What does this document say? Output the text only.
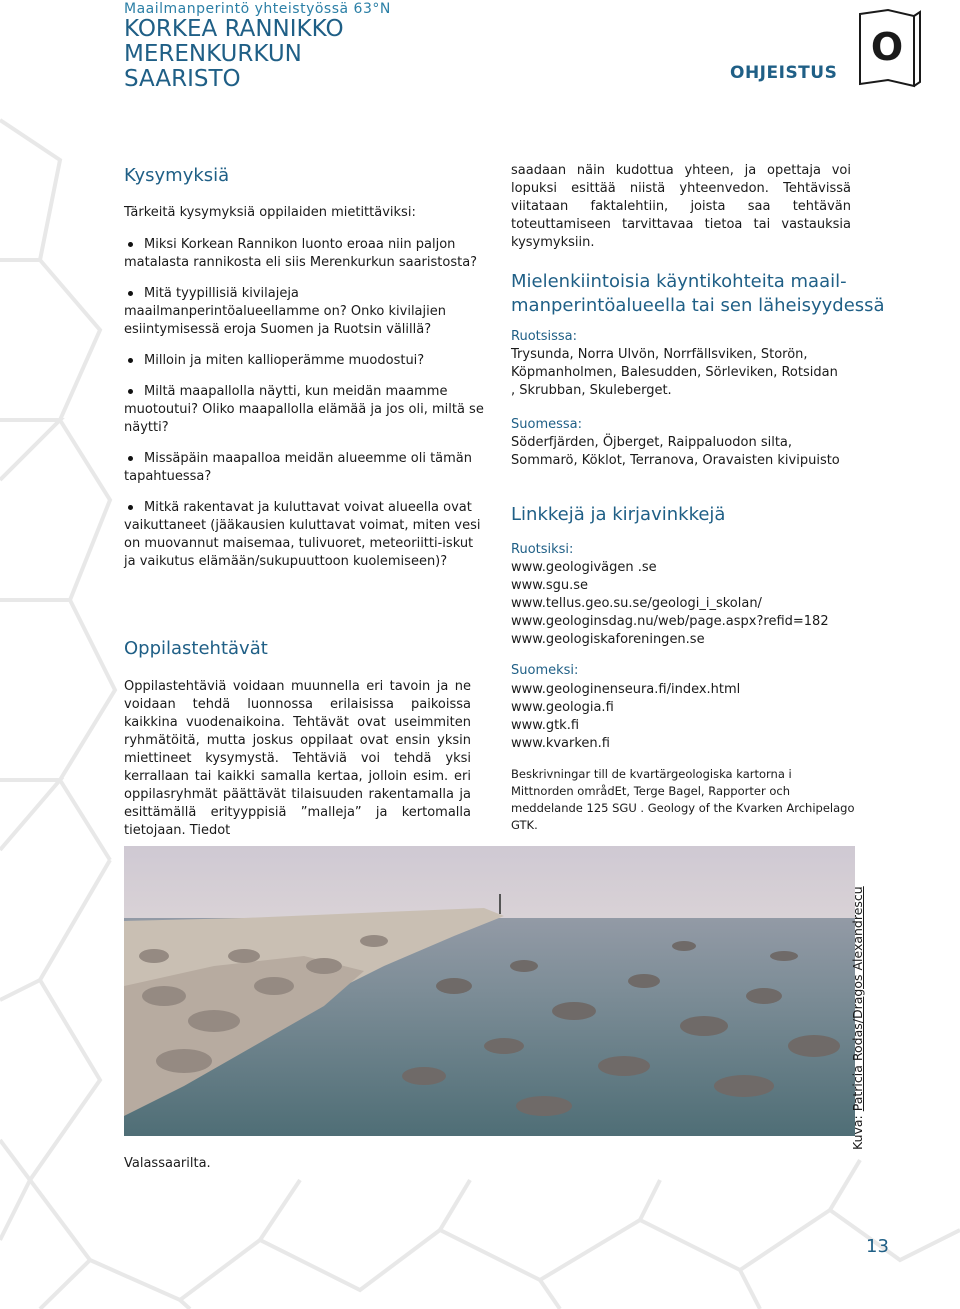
Maailmanperintö yhteistyössä 63°N
KORKEA RANNIKKO
MERENKURKUN
SAARISTO	OHJEISTUS
O
Kysymyksiä
Tärkeitä kysymyksiä oppilaiden mietittäviksi:
Miksi Korkean Rannikon luonto eroaa niin paljon matalasta rannikosta eli siis Merenkurkun saaristosta?
Mitä tyypillisiä kivilajeja maailmanperintöalueellamme on? Onko kivilajien esiintymisessä eroja Suomen ja Ruotsin välillä?
Milloin ja miten kallioperämme muodostui?
Miltä maapallolla näytti, kun meidän maamme muotoutui? Oliko maapallolla elämää ja jos oli, miltä se näytti?
Missäpäin maapalloa meidän alueemme oli tämän tapahtuessa?
Mitkä rakentavat ja kuluttavat voivat alueella ovat vaikuttaneet (jääkausien kuluttavat voimat, miten vesi on muovannut maisemaa, tulivuoret, meteoriitti-iskut ja vaikutus elämään/sukupuuttoon kuolemiseen)?
Oppilastehtävät
Oppilastehtäviä voidaan muunnella eri tavoin ja ne voidaan tehdä luonnossa erilaisissa paikoissa kaikkina vuodenaikoina. Tehtävät ovat useimmiten ryhmätöitä, mutta joskus oppilaat ovat ensin yksin miettineet kysymystä. Tehtäviä voi tehdä yksi kerrallaan tai kaikki samalla kertaa, jolloin esim. eri oppilasryhmät päättävät tilaisuuden rakentamalla ja esittämällä erityyppisiä ”malleja” ja kertomalla tietojaan. Tiedot
saadaan näin kudottua yhteen, ja opettaja voi lopuksi esittää niistä yhteenvedon. Tehtävissä viitataan faktalehtiin, joista saa tehtävän toteuttamiseen tarvittavaa tietoa tai vastauksia kysymyksiin.
Mielenkiintoisia käyntikohteita maail-
manperintöalueella tai sen läheisyydessä
Ruotsissa:
Trysunda, Norra Ulvön, Norrfällsviken, Storön, Köpmanholmen, Balesudden, Sörleviken, Rotsidan , Skrubban, Skuleberget.
Suomessa:
Söderfjärden, Öjberget, Raippaluodon silta, Sommarö, Köklot, Terranova, Oravaisten kivipuisto
Linkkejä ja kirjavinkkejä
Ruotsiksi:
www.geologivägen .se
www.sgu.se
www.tellus.geo.su.se/geologi_i_skolan/
www.geologinsdag.nu/web/page.aspx?refid=182
www.geologiskaforeningen.se
Suomeksi:
www.geologinenseura.fi/index.html
www.geologia.fi
www.gtk.fi
www.kvarken.fi
Beskrivningar till de kvartärgeologiska kartorna i Mittnorden områdEt, Terge Bagel, Rapporter och meddelande 125 SGU . Geology of the Kvarken Archipelago GTK.
Kuva: Patricia Rodas/Dragos Alexandrescu
Valassaarilta.
13
